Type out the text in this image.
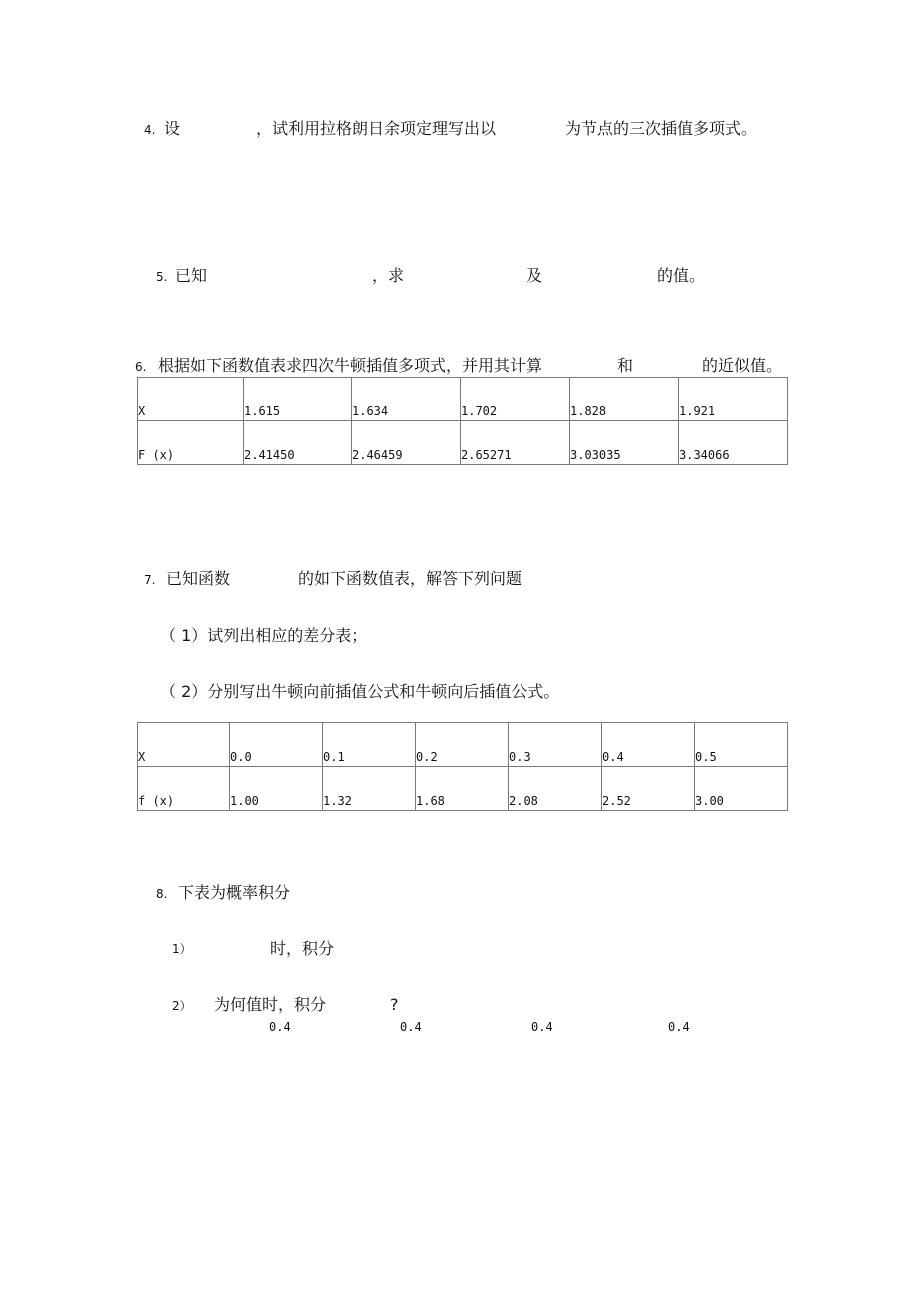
4. 设	，试利用拉格朗日余项定理写出以	为节点的三次插值多项式。
5. 已知	，求	及	的值。
6. 根据如下函数值表求四次牛顿插值多项式，并用其计算	和	的近似值。
X	1.615	1.634	1.702	1.828	1.921
F (x)	2.41450	2.46459	2.65271	3.03035	3.34066
7. 已知函数	的如下函数值表，解答下列问题
（ 1）试列出相应的差分表；
（ 2）分别写出牛顿向前插值公式和牛顿向后插值公式。
X	0.0	0.1	0.2	0.3	0.4	0.5
f (x)	1.00	1.32	1.68	2.08	2.52	3.00
8. 下表为概率积分
1）	时，积分
2） 为何值时，积分	?
0.4	0.4	0.4	0.4
